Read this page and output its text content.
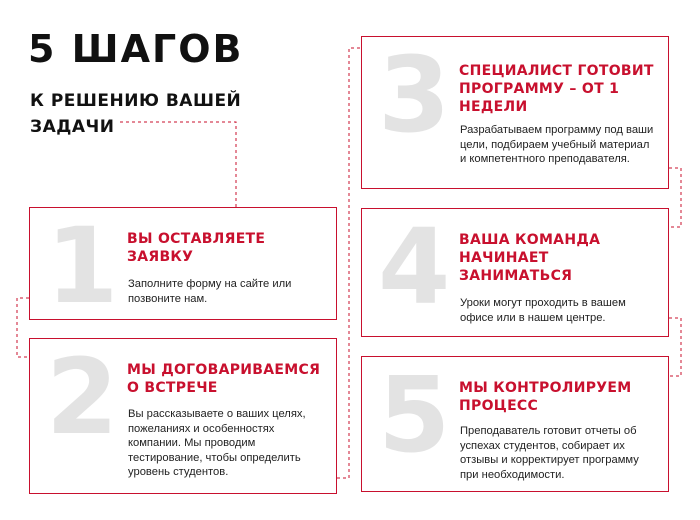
5 ШАГОВ
К РЕШЕНИЮ ВАШЕЙ ЗАДАЧИ
1 ВЫ ОСТАВЛЯЕТЕ ЗАЯВКУ
Заполните форму на сайте или позвоните нам.
2 МЫ ДОГОВАРИВАЕМСЯ О ВСТРЕЧЕ
Вы рассказываете о ваших целях, пожеланиях и особенностях компании. Мы проводим тестирование, чтобы определить уровень студентов.
3 СПЕЦИАЛИСТ ГОТОВИТ ПРОГРАММУ – ОТ 1 НЕДЕЛИ
Разрабатываем программу под ваши цели, подбираем учебный материал и компетентного преподавателя.
4 ВАША КОМАНДА НАЧИНАЕТ ЗАНИМАТЬСЯ
Уроки могут проходить в вашем офисе или в нашем центре.
5 МЫ КОНТРОЛИРУЕМ ПРОЦЕСС
Преподаватель готовит отчеты об успехах студентов, собирает их отзывы и корректирует программу при необходимости.
